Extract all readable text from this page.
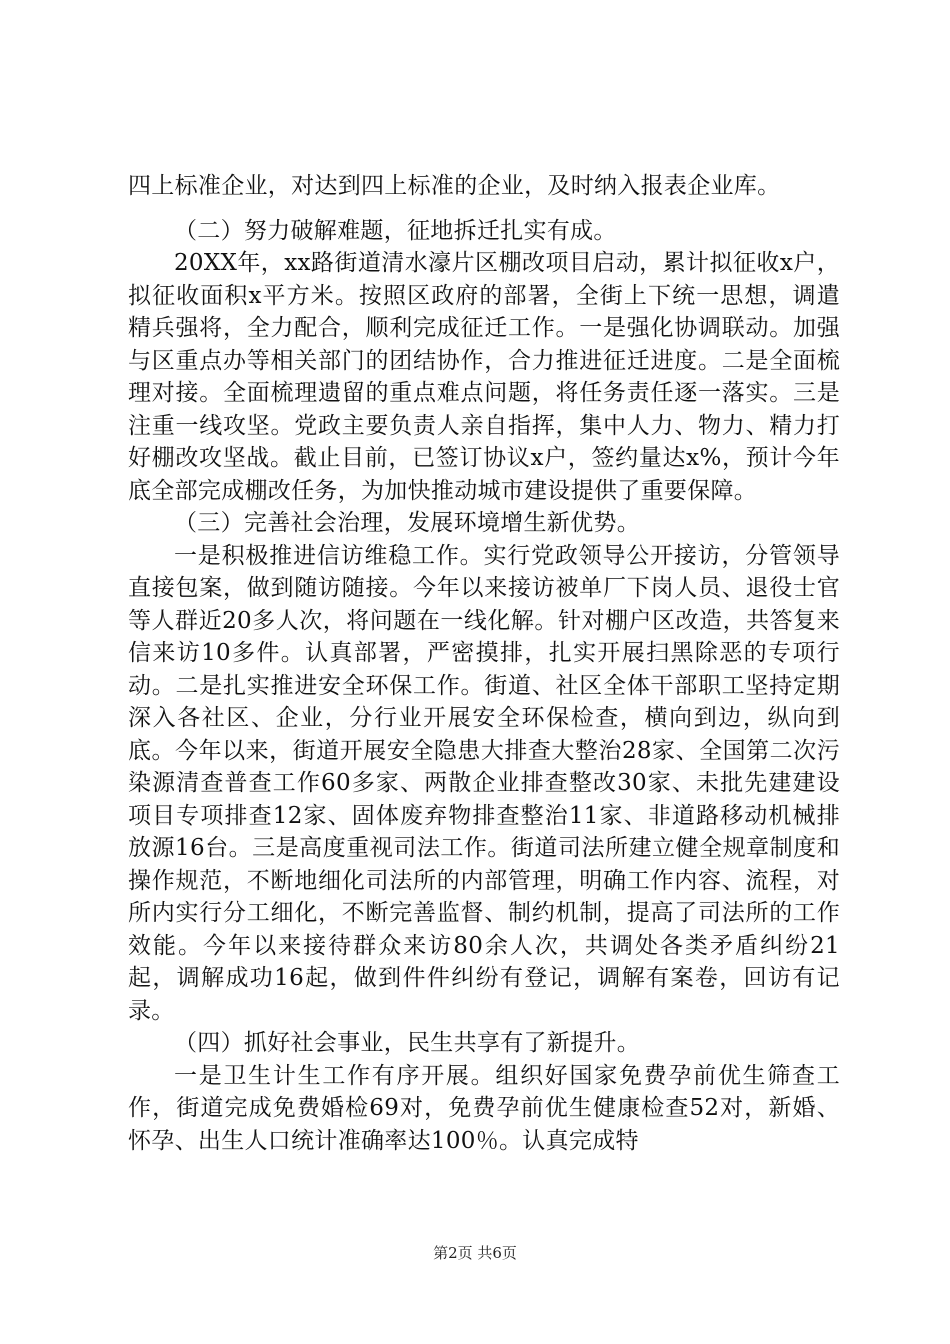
四上标准企业，对达到四上标准的企业，及时纳入报表企业库。

（二）努力破解难题，征地拆迁扎实有成。

20XX年，xx路街道清水濠片区棚改项目启动，累计拟征收x户，拟征收面积x平方米。按照区政府的部署，全街上下统一思想，调遣精兵强将，全力配合，顺利完成征迁工作。一是强化协调联动。加强与区重点办等相关部门的团结协作，合力推进征迁进度。二是全面梳理对接。全面梳理遗留的重点难点问题，将任务责任逐一落实。三是注重一线攻坚。党政主要负责人亲自指挥，集中人力、物力、精力打好棚改攻坚战。截止目前，已签订协议x户，签约量达x%，预计今年底全部完成棚改任务，为加快推动城市建设提供了重要保障。

（三）完善社会治理，发展环境增生新优势。

一是积极推进信访维稳工作。实行党政领导公开接访，分管领导直接包案，做到随访随接。今年以来接访被单厂下岗人员、退役士官等人群近20多人次，将问题在一线化解。针对棚户区改造，共答复来信来访10多件。认真部署，严密摸排，扎实开展扫黑除恶的专项行动。二是扎实推进安全环保工作。街道、社区全体干部职工坚持定期深入各社区、企业，分行业开展安全环保检查，横向到边，纵向到底。今年以来，街道开展安全隐患大排查大整治28家、全国第二次污染源清查普查工作60多家、两散企业排查整改30家、未批先建建设项目专项排查12家、固体废弃物排查整治11家、非道路移动机械排放源16台。三是高度重视司法工作。街道司法所建立健全规章制度和操作规范，不断地细化司法所的内部管理，明确工作内容、流程，对所内实行分工细化，不断完善监督、制约机制，提高了司法所的工作效能。今年以来接待群众来访80余人次，共调处各类矛盾纠纷21起，调解成功16起，做到件件纠纷有登记，调解有案卷，回访有记录。

（四）抓好社会事业，民生共享有了新提升。

一是卫生计生工作有序开展。组织好国家免费孕前优生筛查工作，街道完成免费婚检69对，免费孕前优生健康检查52对，新婚、怀孕、出生人口统计准确率达100％。认真完成特

第2页 共6页
